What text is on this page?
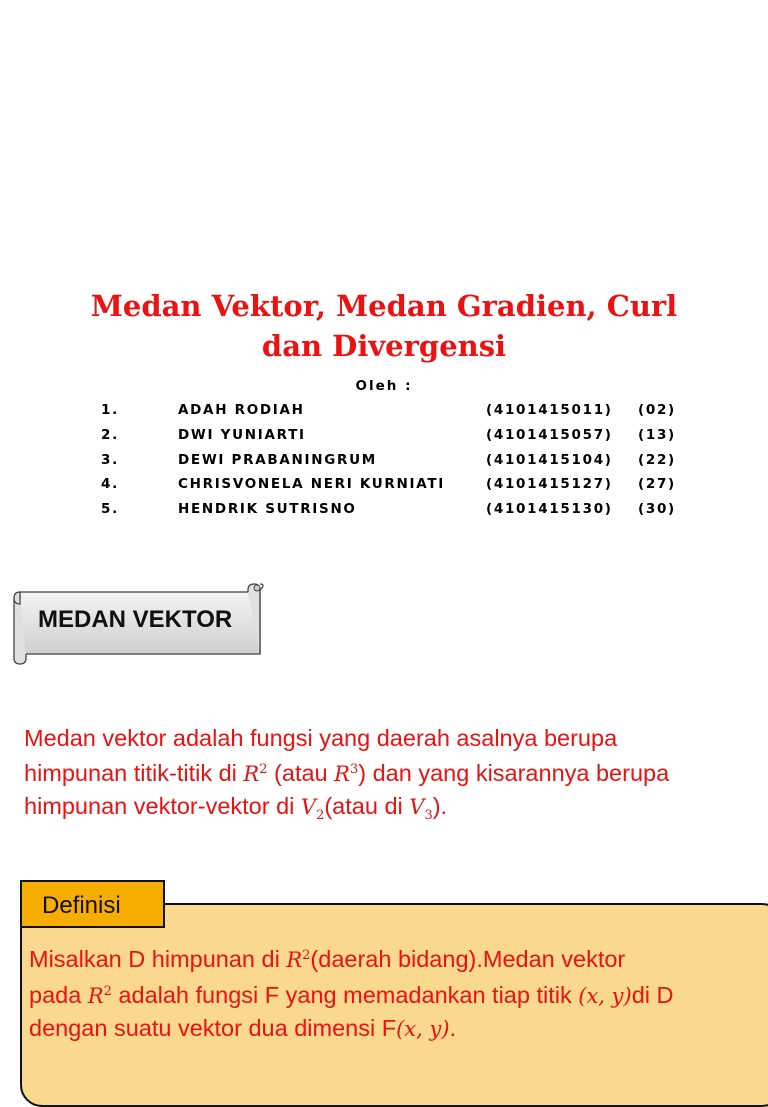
Medan Vektor, Medan Gradien, Curl
dan Divergensi
Oleh :
1.	ADAH RODIAH	(4101415011) (02)
2.	DWI YUNIARTI	(4101415057) (13)
3.	DEWI PRABANINGRUM	(4101415104) (22)
4.	CHRISVONELA NERI KURNIATI	(4101415127) (27)
5.	HENDRIK SUTRISNO	(4101415130) (30)
MEDAN VEKTOR

Medan vektor adalah fungsi yang daerah asalnya berupa

himpunan titik-titik di $R^2$ (atau $R^3$) dan yang kisarannya berupa

himpunan vektor-vektor di $V_2(atau$ di $V_3$).

Definisi

Misalkan D himpunan di $R^2(daerah$ bidang).Medan vektor

pada $R^2$ adalah fungsi F yang memadankan tiap titik (x, y)di D

dengan suatu vektor dua dimensi F(x, y).
